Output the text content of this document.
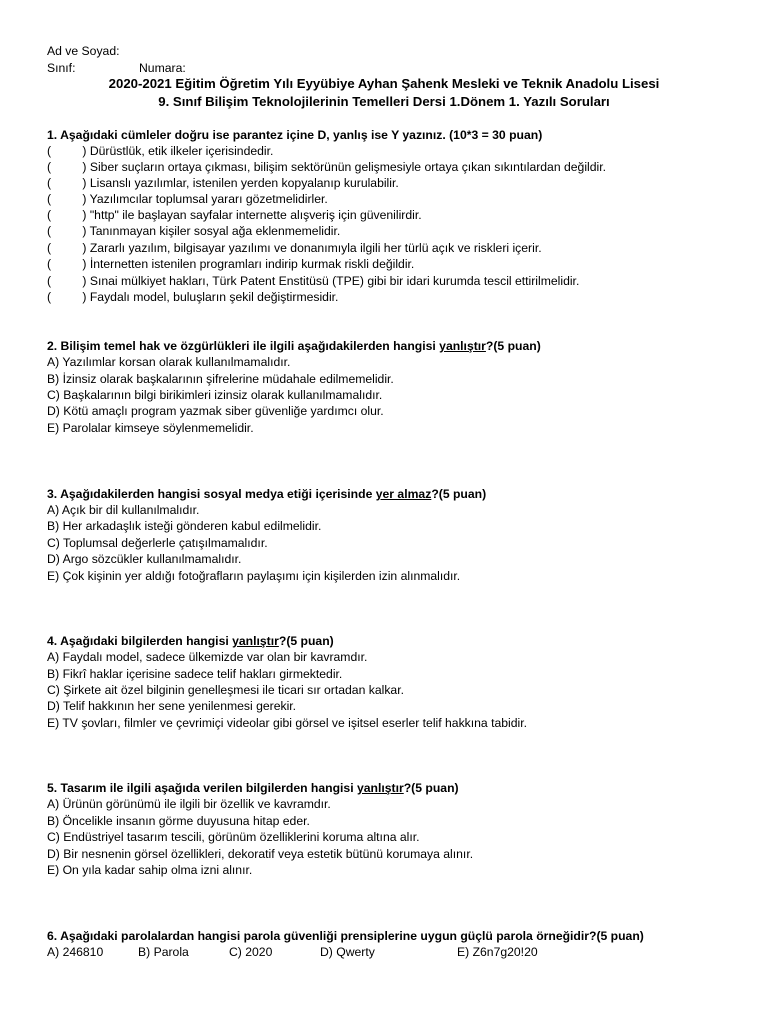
Ad ve Soyad:
Sınıf:	Numara:
2020-2021 Eğitim Öğretim Yılı Eyyübiye Ayhan Şahenk Mesleki ve Teknik Anadolu Lisesi
9. Sınıf Bilişim Teknolojilerinin Temelleri Dersi 1.Dönem 1. Yazılı Soruları
1. Aşağıdaki cümleler doğru ise parantez içine D, yanlış ise Y yazınız. (10*3 = 30 puan)
(	) Dürüstlük, etik ilkeler içerisindedir.
(	) Siber suçların ortaya çıkması, bilişim sektörünün gelişmesiyle ortaya çıkan sıkıntılardan değildir.
(	) Lisanslı yazılımlar, istenilen yerden kopyalanıp kurulabilir.
(	) Yazılımcılar toplumsal yararı gözetmelidirler.
(	) "http" ile başlayan sayfalar internette alışveriş için güvenilirdir.
(	) Tanınmayan kişiler sosyal ağa eklenmemelidir.
(	) Zararlı yazılım, bilgisayar yazılımı ve donanımıyla ilgili her türlü açık ve riskleri içerir.
(	) İnternetten istenilen programları indirip kurmak riskli değildir.
(	) Sınai mülkiyet hakları, Türk Patent Enstitüsü (TPE) gibi bir idari kurumda tescil ettirilmelidir.
(	) Faydalı model, buluşların şekil değiştirmesidir.
2. Bilişim temel hak ve özgürlükleri ile ilgili aşağıdakilerden hangisi yanlıştır?(5 puan)
A) Yazılımlar korsan olarak kullanılmamalıdır.
B) İzinsiz olarak başkalarının şifrelerine müdahale edilmemelidir.
C) Başkalarının bilgi birikimleri izinsiz olarak kullanılmamalıdır.
D) Kötü amaçlı program yazmak siber güvenliğe yardımcı olur.
E) Parolalar kimseye söylenmemelidir.
3. Aşağıdakilerden hangisi sosyal medya etiği içerisinde yer almaz?(5 puan)
A) Açık bir dil kullanılmalıdır.
B) Her arkadaşlık isteği gönderen kabul edilmelidir.
C) Toplumsal değerlerle çatışılmamalıdır.
D) Argo sözcükler kullanılmamalıdır.
E) Çok kişinin yer aldığı fotoğrafların paylaşımı için kişilerden izin alınmalıdır.
4. Aşağıdaki bilgilerden hangisi yanlıştır?(5 puan)
A) Faydalı model, sadece ülkemizde var olan bir kavramdır.
B) Fikrî haklar içerisine sadece telif hakları girmektedir.
C) Şirkete ait özel bilginin genelleşmesi ile ticari sır ortadan kalkar.
D) Telif hakkının her sene yenilenmesi gerekir.
E) TV şovları, filmler ve çevrimiçi videolar gibi görsel ve işitsel eserler telif hakkına tabidir.
5. Tasarım ile ilgili aşağıda verilen bilgilerden hangisi yanlıştır?(5 puan)
A) Ürünün görünümü ile ilgili bir özellik ve kavramdır.
B) Öncelikle insanın görme duyusuna hitap eder.
C) Endüstriyel tasarım tescili, görünüm özelliklerini koruma altına alır.
D) Bir nesnenin görsel özellikleri, dekoratif veya estetik bütünü korumaya alınır.
E) On yıla kadar sahip olma izni alınır.
6. Aşağıdaki parolalardan hangisi parola güvenliği prensiplerine uygun güçlü parola örneğidir?(5 puan)
A) 246810	B) Parola	C) 2020	D) Qwerty	E) Z6n7g20!20
